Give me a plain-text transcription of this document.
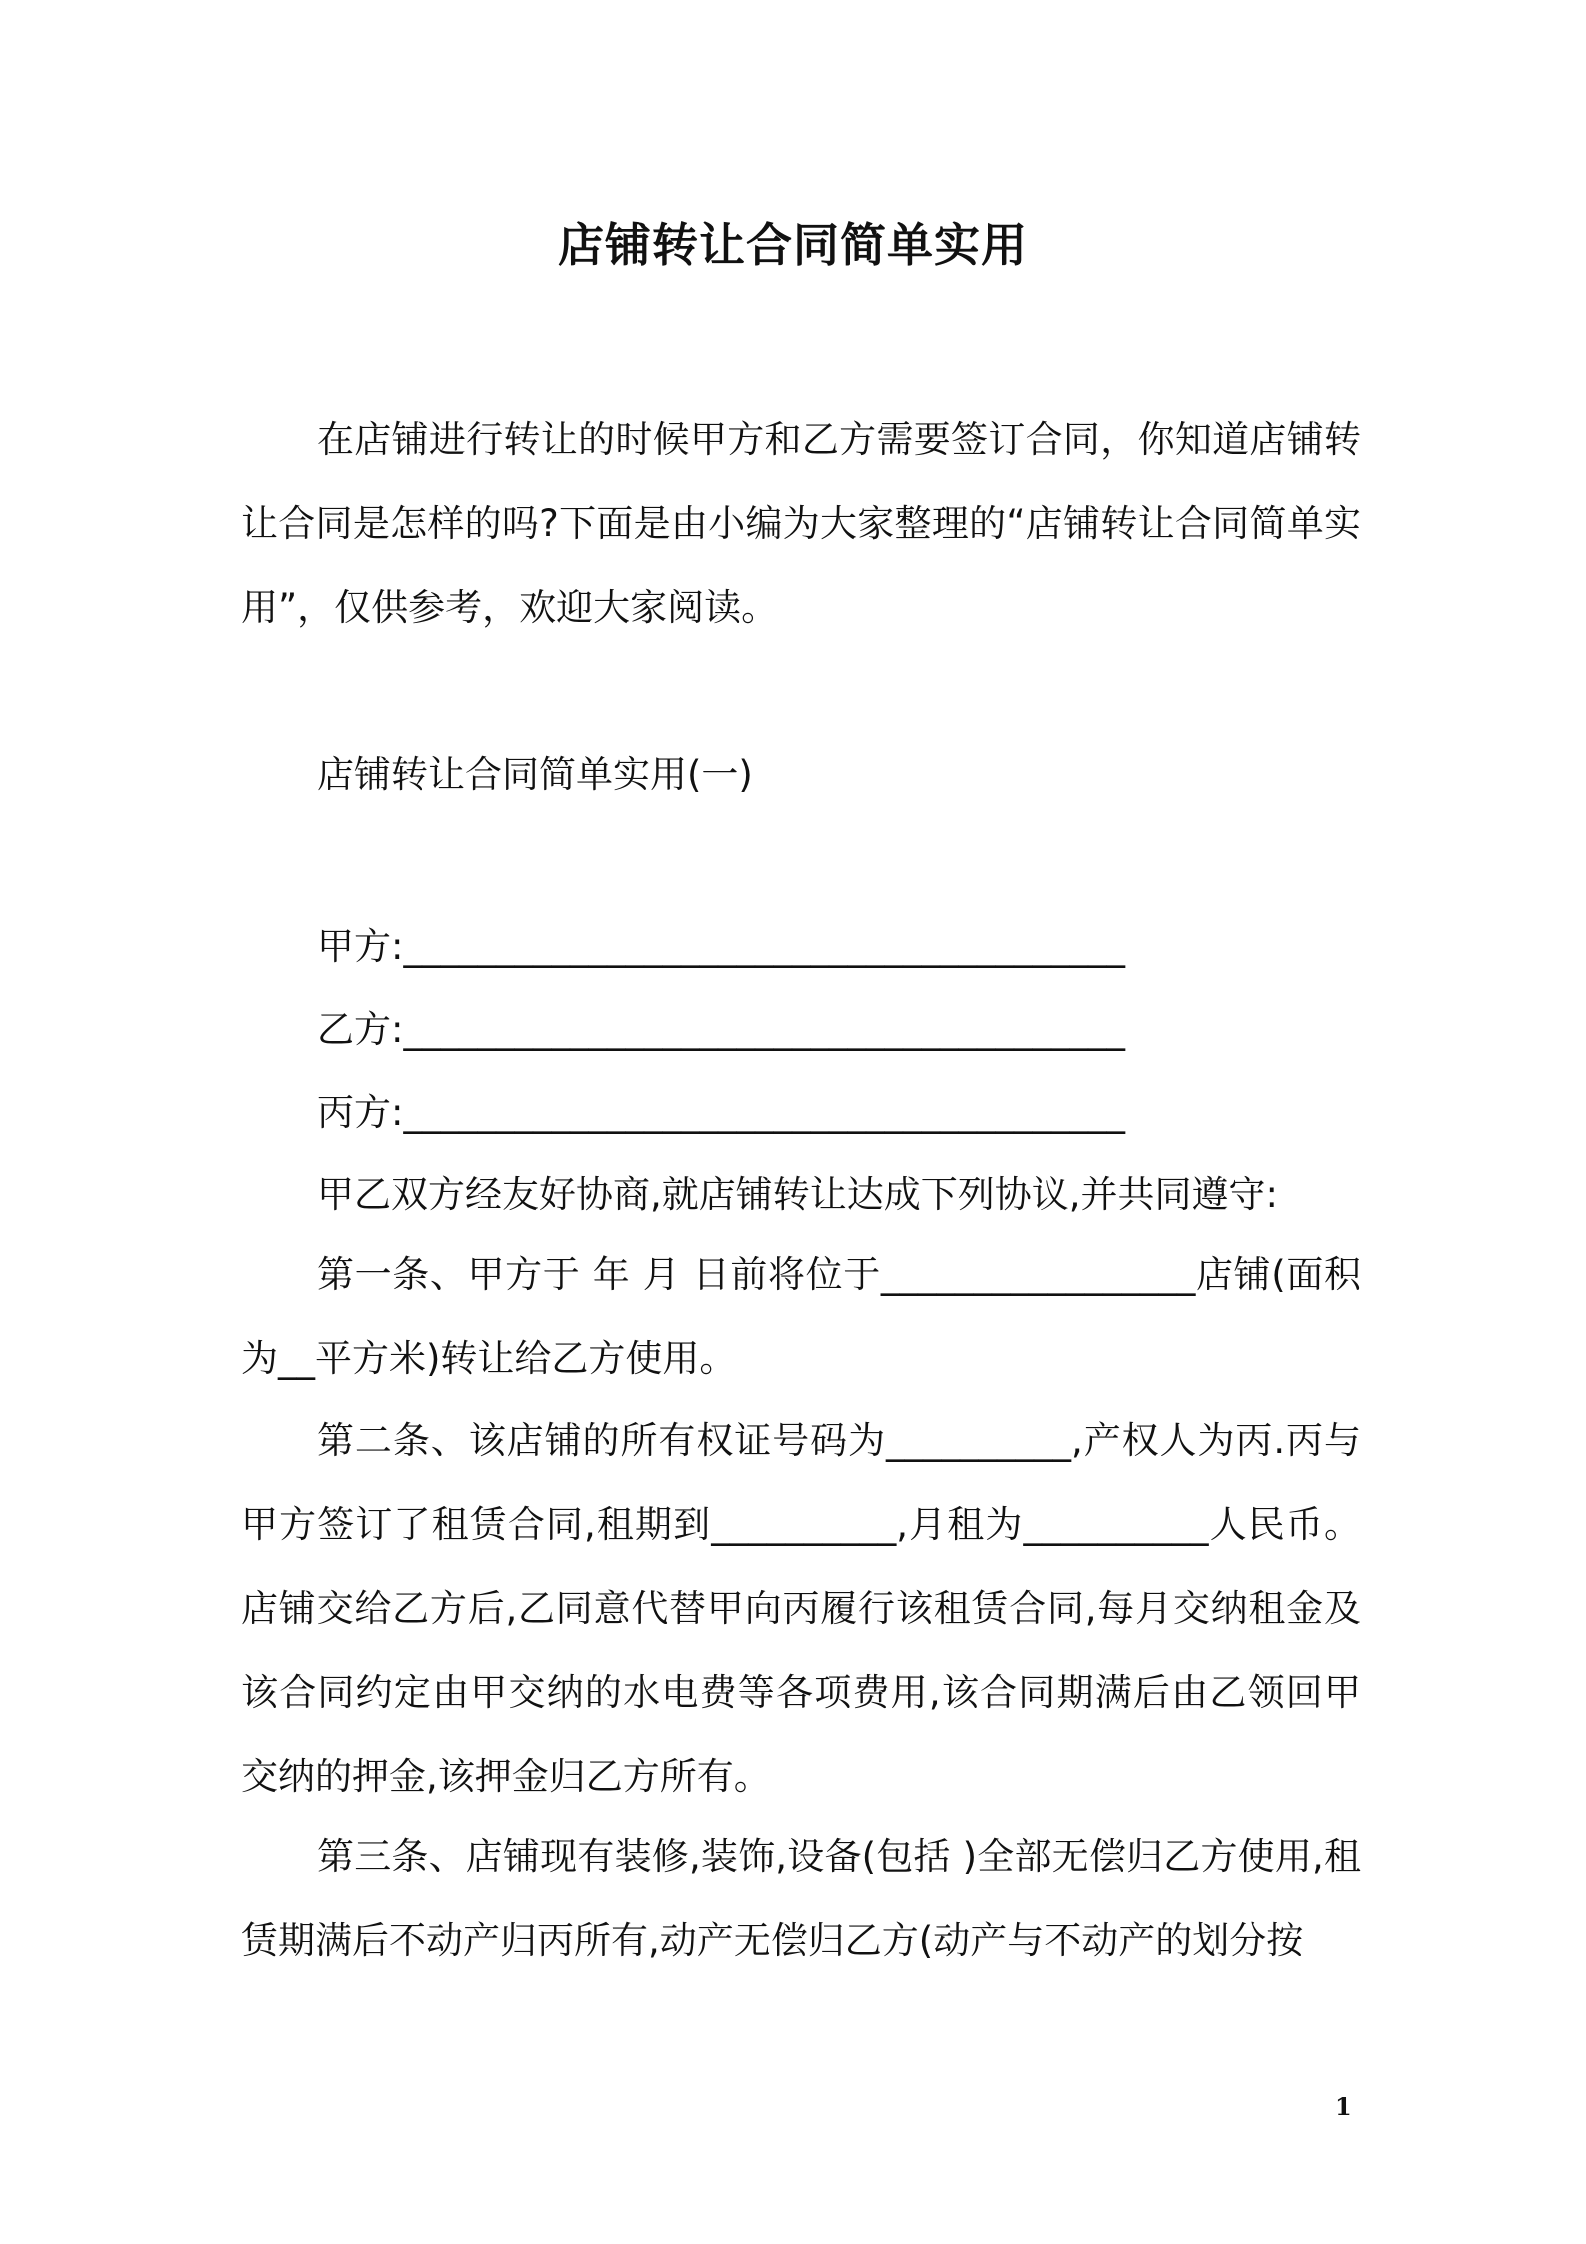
店铺转让合同简单实用
在店铺进行转让的时候甲方和乙方需要签订合同，你知道店铺转让合同是怎样的吗?下面是由小编为大家整理的“店铺转让合同简单实用”，仅供参考，欢迎大家阅读。
店铺转让合同简单实用(一)
甲方:_______________________________________
乙方:_______________________________________
丙方:_______________________________________
甲乙双方经友好协商,就店铺转让达成下列协议,并共同遵守:
第一条、甲方于 年 月 日前将位于_________________店铺(面积为__平方米)转让给乙方使用。
第二条、该店铺的所有权证号码为__________,产权人为丙.丙与甲方签订了租赁合同,租期到__________,月租为__________人民币。店铺交给乙方后,乙同意代替甲向丙履行该租赁合同,每月交纳租金及该合同约定由甲交纳的水电费等各项费用,该合同期满后由乙领回甲交纳的押金,该押金归乙方所有。
第三条、店铺现有装修,装饰,设备(包括 )全部无偿归乙方使用,租赁期满后不动产归丙所有,动产无偿归乙方(动产与不动产的划分按
1
